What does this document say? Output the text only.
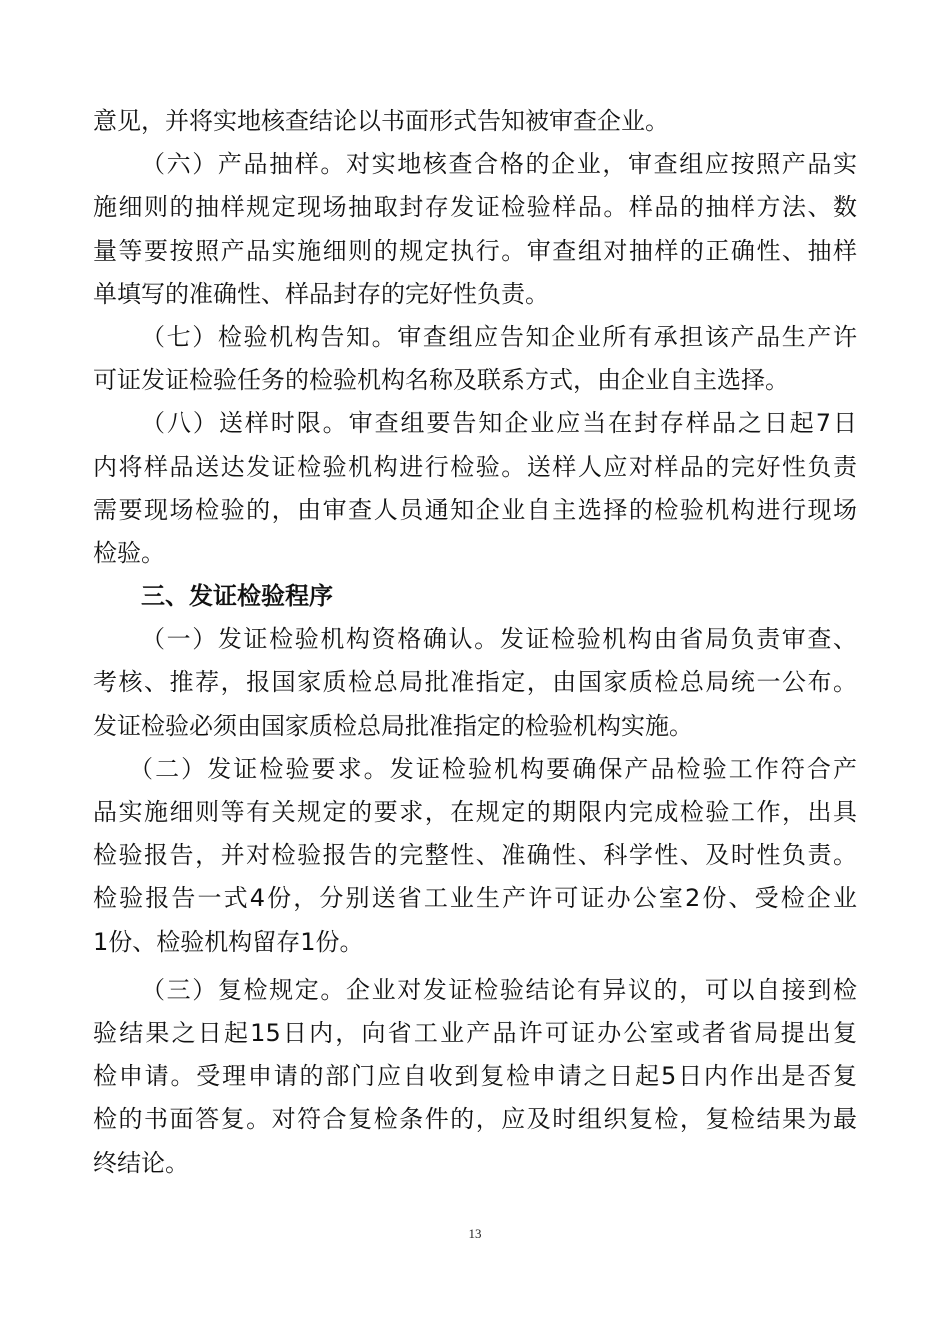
意见，并将实地核查结论以书面形式告知被审查企业。
（六）产品抽样。对实地核查合格的企业，审查组应按照产品实
施细则的抽样规定现场抽取封存发证检验样品。样品的抽样方法、数
量等要按照产品实施细则的规定执行。审查组对抽样的正确性、抽样
单填写的准确性、样品封存的完好性负责。
（七）检验机构告知。审查组应告知企业所有承担该产品生产许
可证发证检验任务的检验机构名称及联系方式，由企业自主选择。
（八）送样时限。审查组要告知企业应当在封存样品之日起7日
内将样品送达发证检验机构进行检验。送样人应对样品的完好性负责
需要现场检验的，由审查人员通知企业自主选择的检验机构进行现场
检验。
三、发证检验程序
（一）发证检验机构资格确认。发证检验机构由省局负责审查、
考核、推荐，报国家质检总局批准指定，由国家质检总局统一公布。
发证检验必须由国家质检总局批准指定的检验机构实施。
（二）发证检验要求。发证检验机构要确保产品检验工作符合产
品实施细则等有关规定的要求，在规定的期限内完成检验工作，出具
检验报告，并对检验报告的完整性、准确性、科学性、及时性负责。
检验报告一式4份，分别送省工业生产许可证办公室2份、受检企业
1份、检验机构留存1份。
（三）复检规定。企业对发证检验结论有异议的，可以自接到检
验结果之日起15日内，向省工业产品许可证办公室或者省局提出复
检申请。受理申请的部门应自收到复检申请之日起5日内作出是否复
检的书面答复。对符合复检条件的，应及时组织复检，复检结果为最
终结论。
13
